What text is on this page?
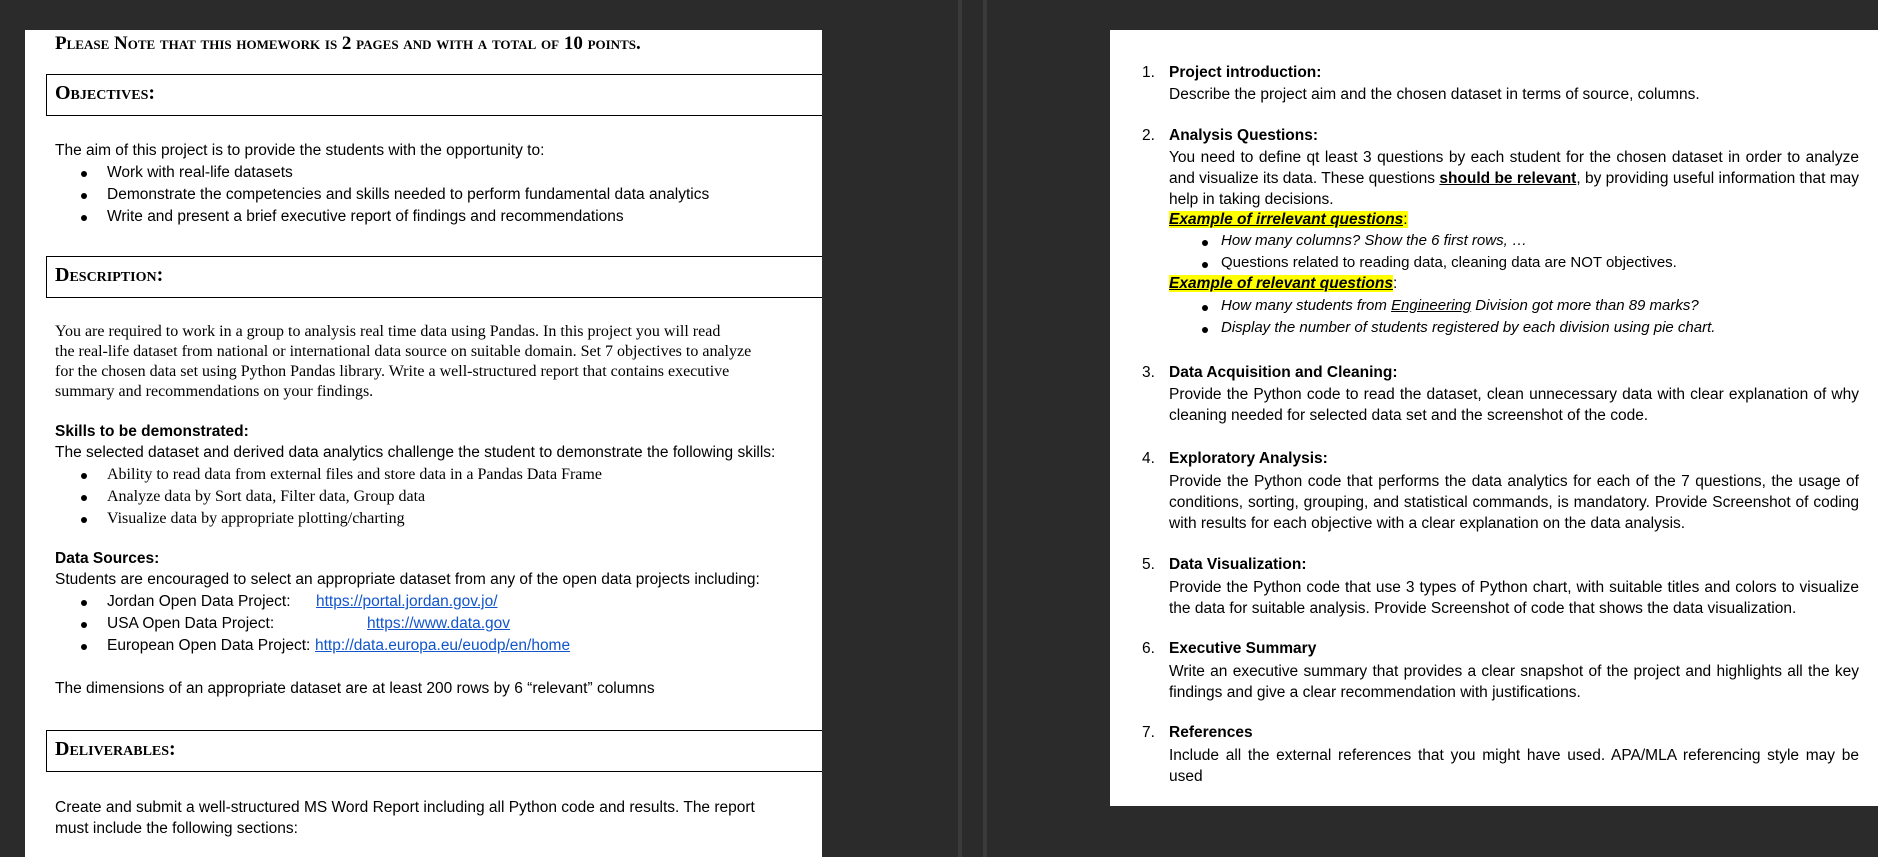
Please Note that this homework is 2 pages and with a total of 10 points.
Objectives:
The aim of this project is to provide the students with the opportunity to:
Work with real-life datasets
Demonstrate the competencies and skills needed to perform fundamental data analytics
Write and present a brief executive report of findings and recommendations
Description:
You are required to work in a group to analysis real time data using Pandas. In this project you will read
the real-life dataset from national or international data source on suitable domain. Set 7 objectives to analyze
for the chosen data set using Python Pandas library. Write a well-structured report that contains executive
summary and recommendations on your findings.
Skills to be demonstrated:
The selected dataset and derived data analytics challenge the student to demonstrate the following skills:
Ability to read data from external files and store data in a Pandas Data Frame
Analyze data by Sort data, Filter data, Group data
Visualize data by appropriate plotting/charting
Data Sources:
Students are encouraged to select an appropriate dataset from any of the open data projects including:
Jordan Open Data Project: https://portal.jordan.gov.jo/
USA Open Data Project:	https://www.data.gov
European Open Data Project: http://data.europa.eu/euodp/en/home
The dimensions of an appropriate dataset are at least 200 rows by 6 “relevant” columns
Deliverables:
Create and submit a well-structured MS Word Report including all Python code and results. The report
must include the following sections:
1. Project introduction:
Describe the project aim and the chosen dataset in terms of source, columns.
2. Analysis Questions:
You need to define qt least 3 questions by each student for the chosen dataset in order to analyze and visualize its data. These questions should be relevant, by providing useful information that may help in taking decisions.
Example of irrelevant questions:
How many columns? Show the 6 first rows, …
Questions related to reading data, cleaning data are NOT objectives.
Example of relevant questions:
How many students from Engineering Division got more than 89 marks?
Display the number of students registered by each division using pie chart.
3. Data Acquisition and Cleaning:
Provide the Python code to read the dataset, clean unnecessary data with clear explanation of why cleaning needed for selected data set and the screenshot of the code.
4. Exploratory Analysis:
Provide the Python code that performs the data analytics for each of the 7 questions, the usage of conditions, sorting, grouping, and statistical commands, is mandatory. Provide Screenshot of coding with results for each objective with a clear explanation on the data analysis.
5. Data Visualization:
Provide the Python code that use 3 types of Python chart, with suitable titles and colors to visualize the data for suitable analysis. Provide Screenshot of code that shows the data visualization.
6. Executive Summary
Write an executive summary that provides a clear snapshot of the project and highlights all the key findings and give a clear recommendation with justifications.
7. References
Include all the external references that you might have used. APA/MLA referencing style may be used
